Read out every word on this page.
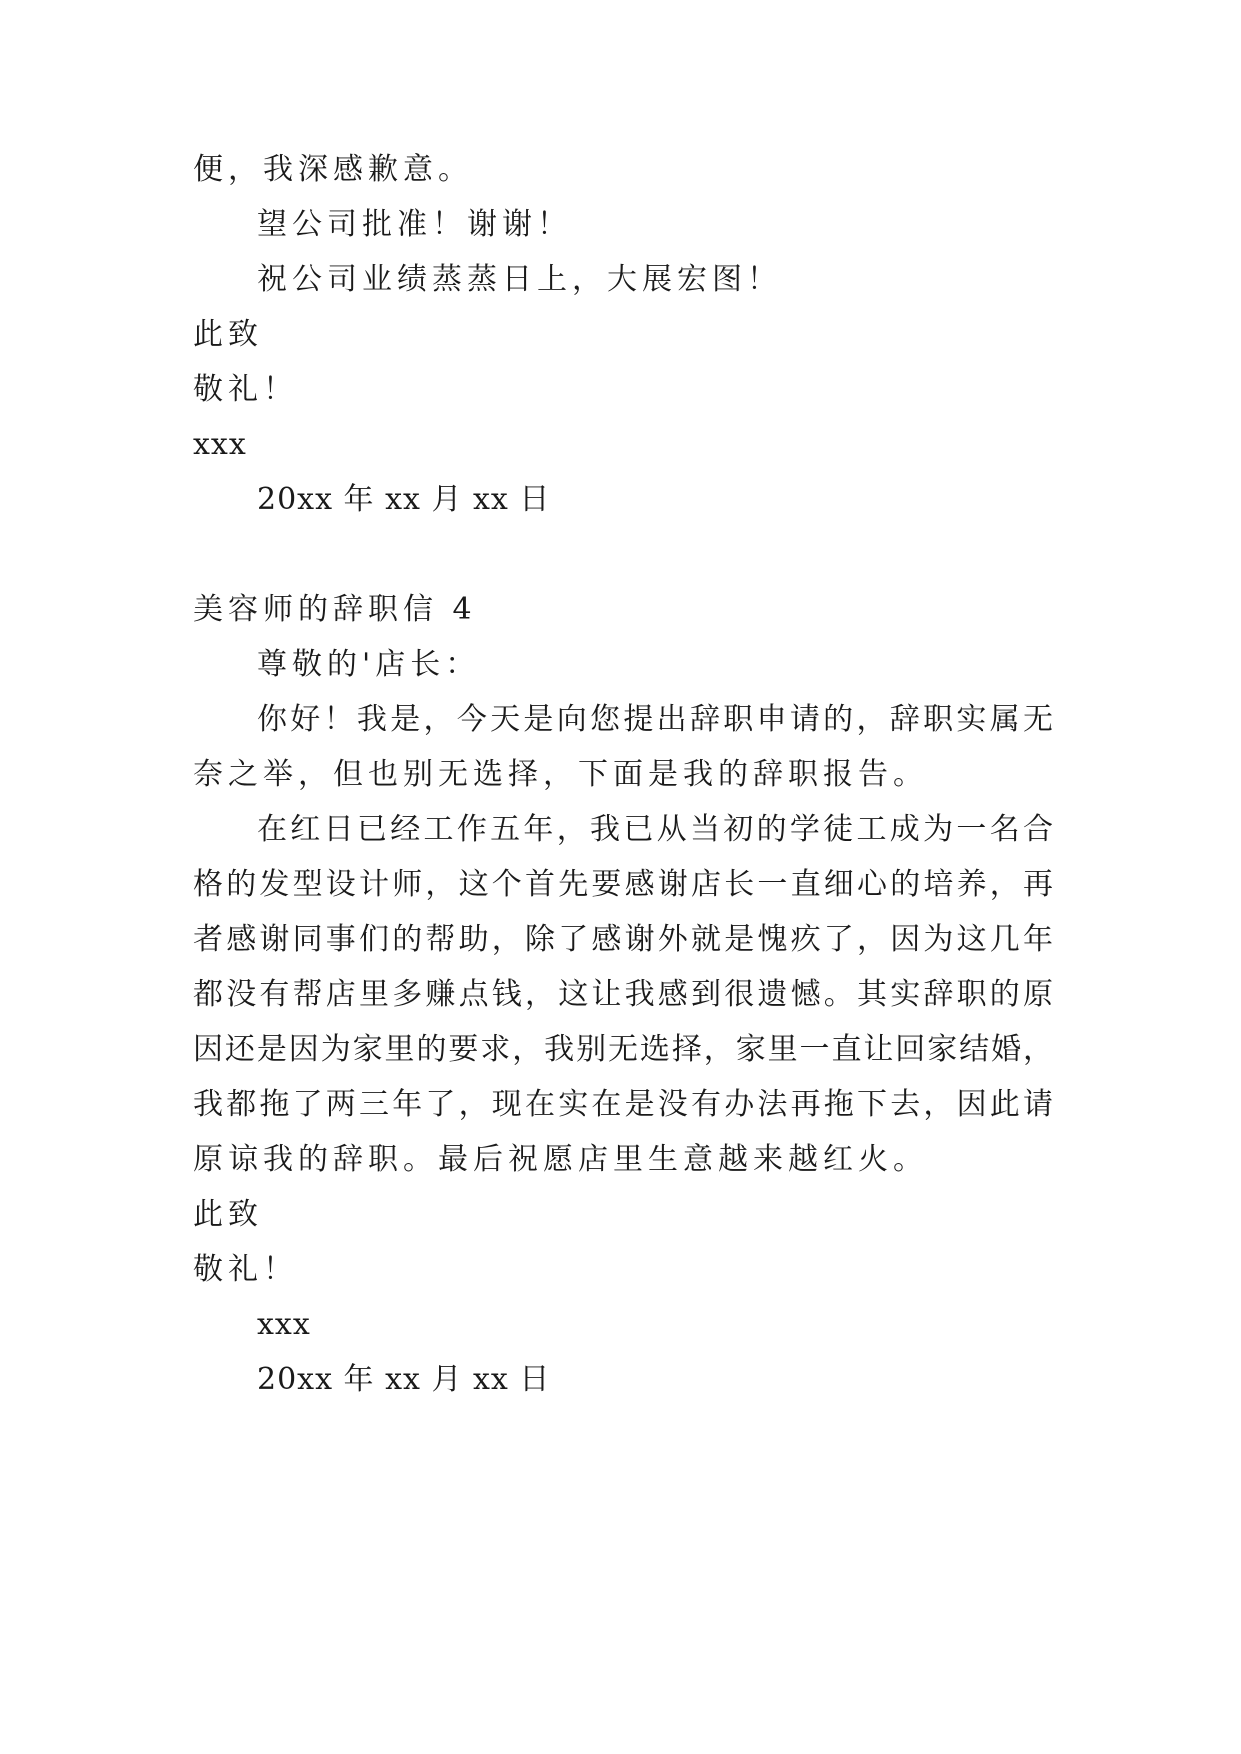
便，我深感歉意。
望公司批准！谢谢！
祝公司业绩蒸蒸日上，大展宏图！
此致
敬礼！
xxx
20xx 年 xx 月 xx 日
美容师的辞职信 4
尊敬的'店长：
你好！我是，今天是向您提出辞职申请的，辞职实属无
奈之举，但也别无选择，下面是我的辞职报告。
在红日已经工作五年，我已从当初的学徒工成为一名合
格的发型设计师，这个首先要感谢店长一直细心的培养，再
者感谢同事们的帮助，除了感谢外就是愧疚了，因为这几年
都没有帮店里多赚点钱，这让我感到很遗憾。其实辞职的原
因还是因为家里的要求，我别无选择，家里一直让回家结婚，
我都拖了两三年了，现在实在是没有办法再拖下去，因此请
原谅我的辞职。最后祝愿店里生意越来越红火。
此致
敬礼！
xxx
20xx 年 xx 月 xx 日
